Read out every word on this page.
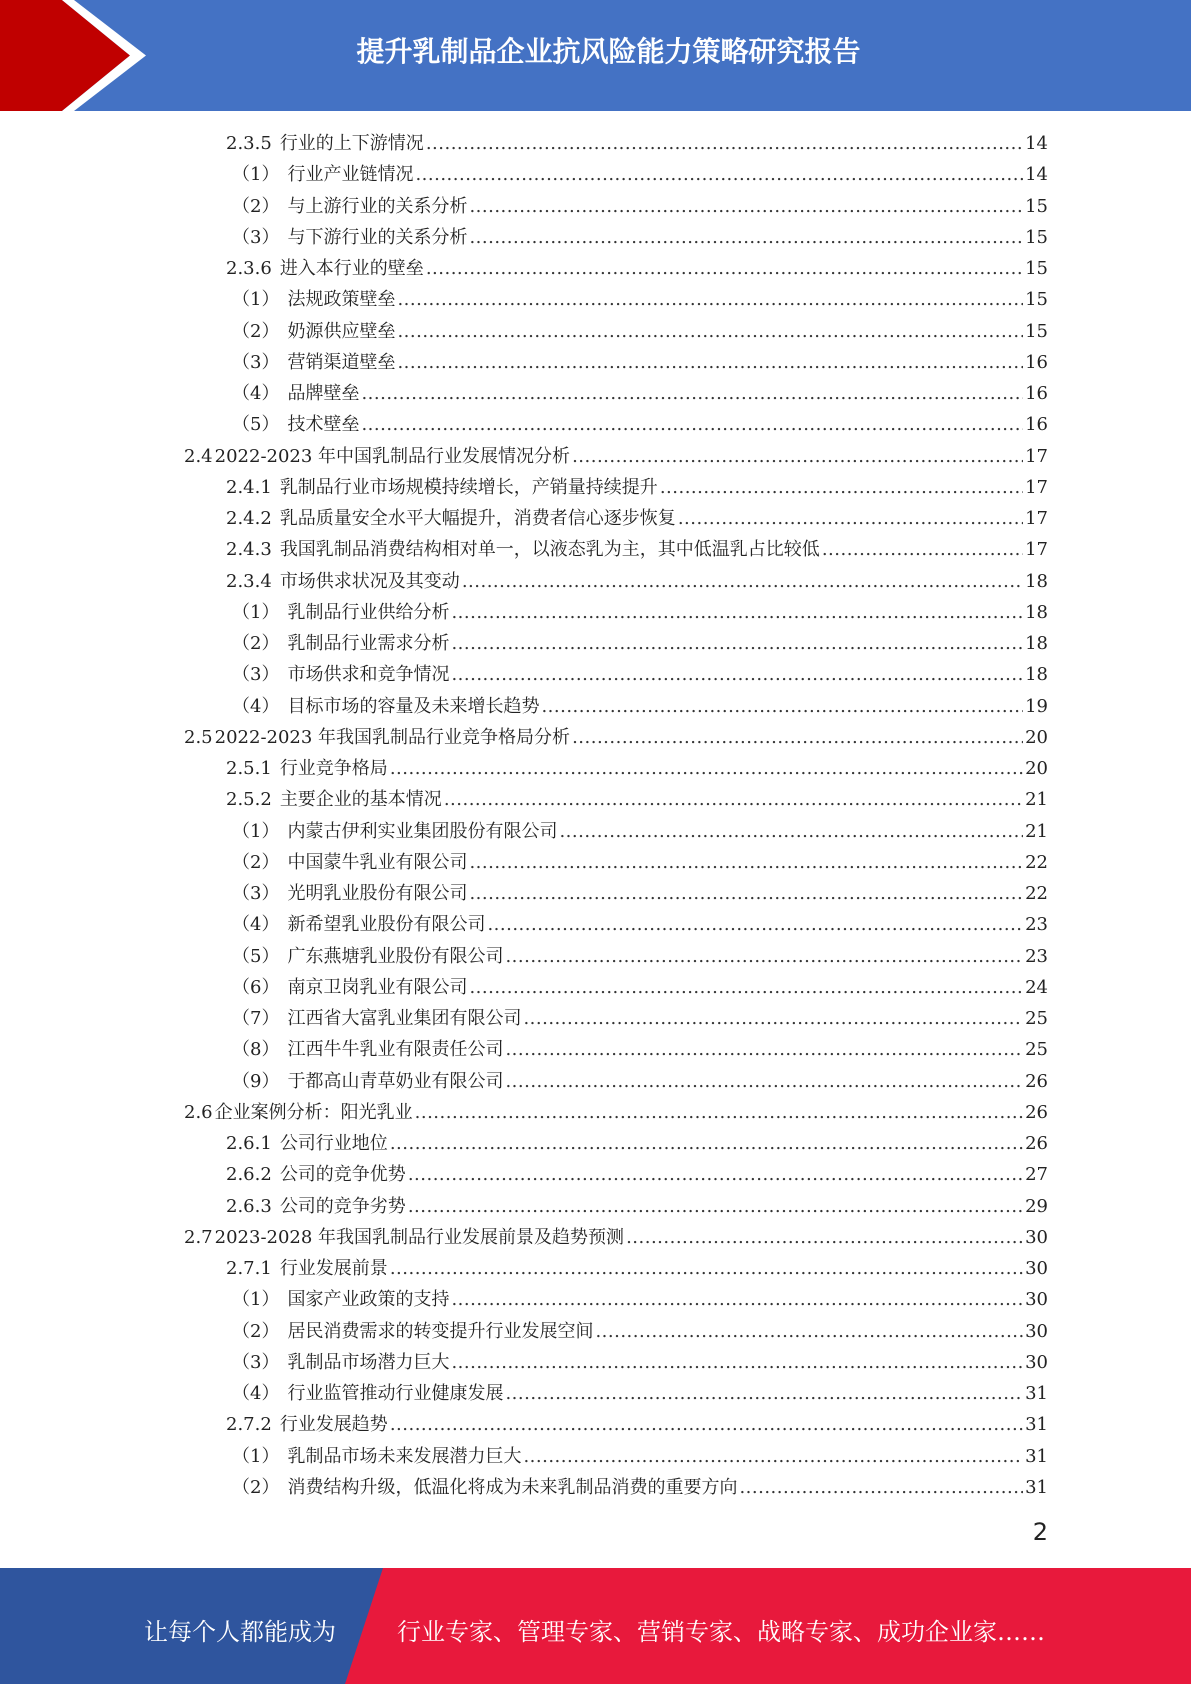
提升乳制品企业抗风险能力策略研究报告
2.3.5 行业的上下游情况 .....	14
（1） 行业产业链情况 .....	14
（2） 与上游行业的关系分析 .....	15
（3） 与下游行业的关系分析 .....	15
2.3.6 进入本行业的壁垒 .....	15
（1） 法规政策壁垒 .....	15
（2） 奶源供应壁垒 .....	15
（3） 营销渠道壁垒 .....	16
（4） 品牌壁垒 .....	16
（5） 技术壁垒 .....	16
2.4 2022-2023 年中国乳制品行业发展情况分析 .....	17
2.4.1 乳制品行业市场规模持续增长，产销量持续提升 .....	17
2.4.2 乳品质量安全水平大幅提升，消费者信心逐步恢复 .....	17
2.4.3 我国乳制品消费结构相对单一，以液态乳为主，其中低温乳占比较低 .....	17
2.3.4 市场供求状况及其变动 .....	18
（1） 乳制品行业供给分析 .....	18
（2） 乳制品行业需求分析 .....	18
（3） 市场供求和竞争情况 .....	18
（4） 目标市场的容量及未来增长趋势 .....	19
2.5 2022-2023 年我国乳制品行业竞争格局分析 .....	20
2.5.1 行业竞争格局 .....	20
2.5.2 主要企业的基本情况 .....	21
（1） 内蒙古伊利实业集团股份有限公司 .....	21
（2） 中国蒙牛乳业有限公司 .....	22
（3） 光明乳业股份有限公司 .....	22
（4） 新希望乳业股份有限公司 .....	23
（5） 广东燕塘乳业股份有限公司 .....	23
（6） 南京卫岗乳业有限公司 .....	24
（7） 江西省大富乳业集团有限公司 .....	25
（8） 江西牛牛乳业有限责任公司 .....	25
（9） 于都高山青草奶业有限公司 .....	26
2.6 企业案例分析：阳光乳业 .....	26
2.6.1 公司行业地位 .....	26
2.6.2 公司的竞争优势 .....	27
2.6.3 公司的竞争劣势 .....	29
2.7 2023-2028 年我国乳制品行业发展前景及趋势预测 .....	30
2.7.1 行业发展前景 .....	30
（1） 国家产业政策的支持 .....	30
（2） 居民消费需求的转变提升行业发展空间 .....	30
（3） 乳制品市场潜力巨大 .....	30
（4） 行业监管推动行业健康发展 .....	31
2.7.2 行业发展趋势 .....	31
（1） 乳制品市场未来发展潜力巨大 .....	31
（2） 消费结构升级，低温化将成为未来乳制品消费的重要方向 .....	31
2
让每个人都能成为	行业专家、管理专家、营销专家、战略专家、成功企业家……
